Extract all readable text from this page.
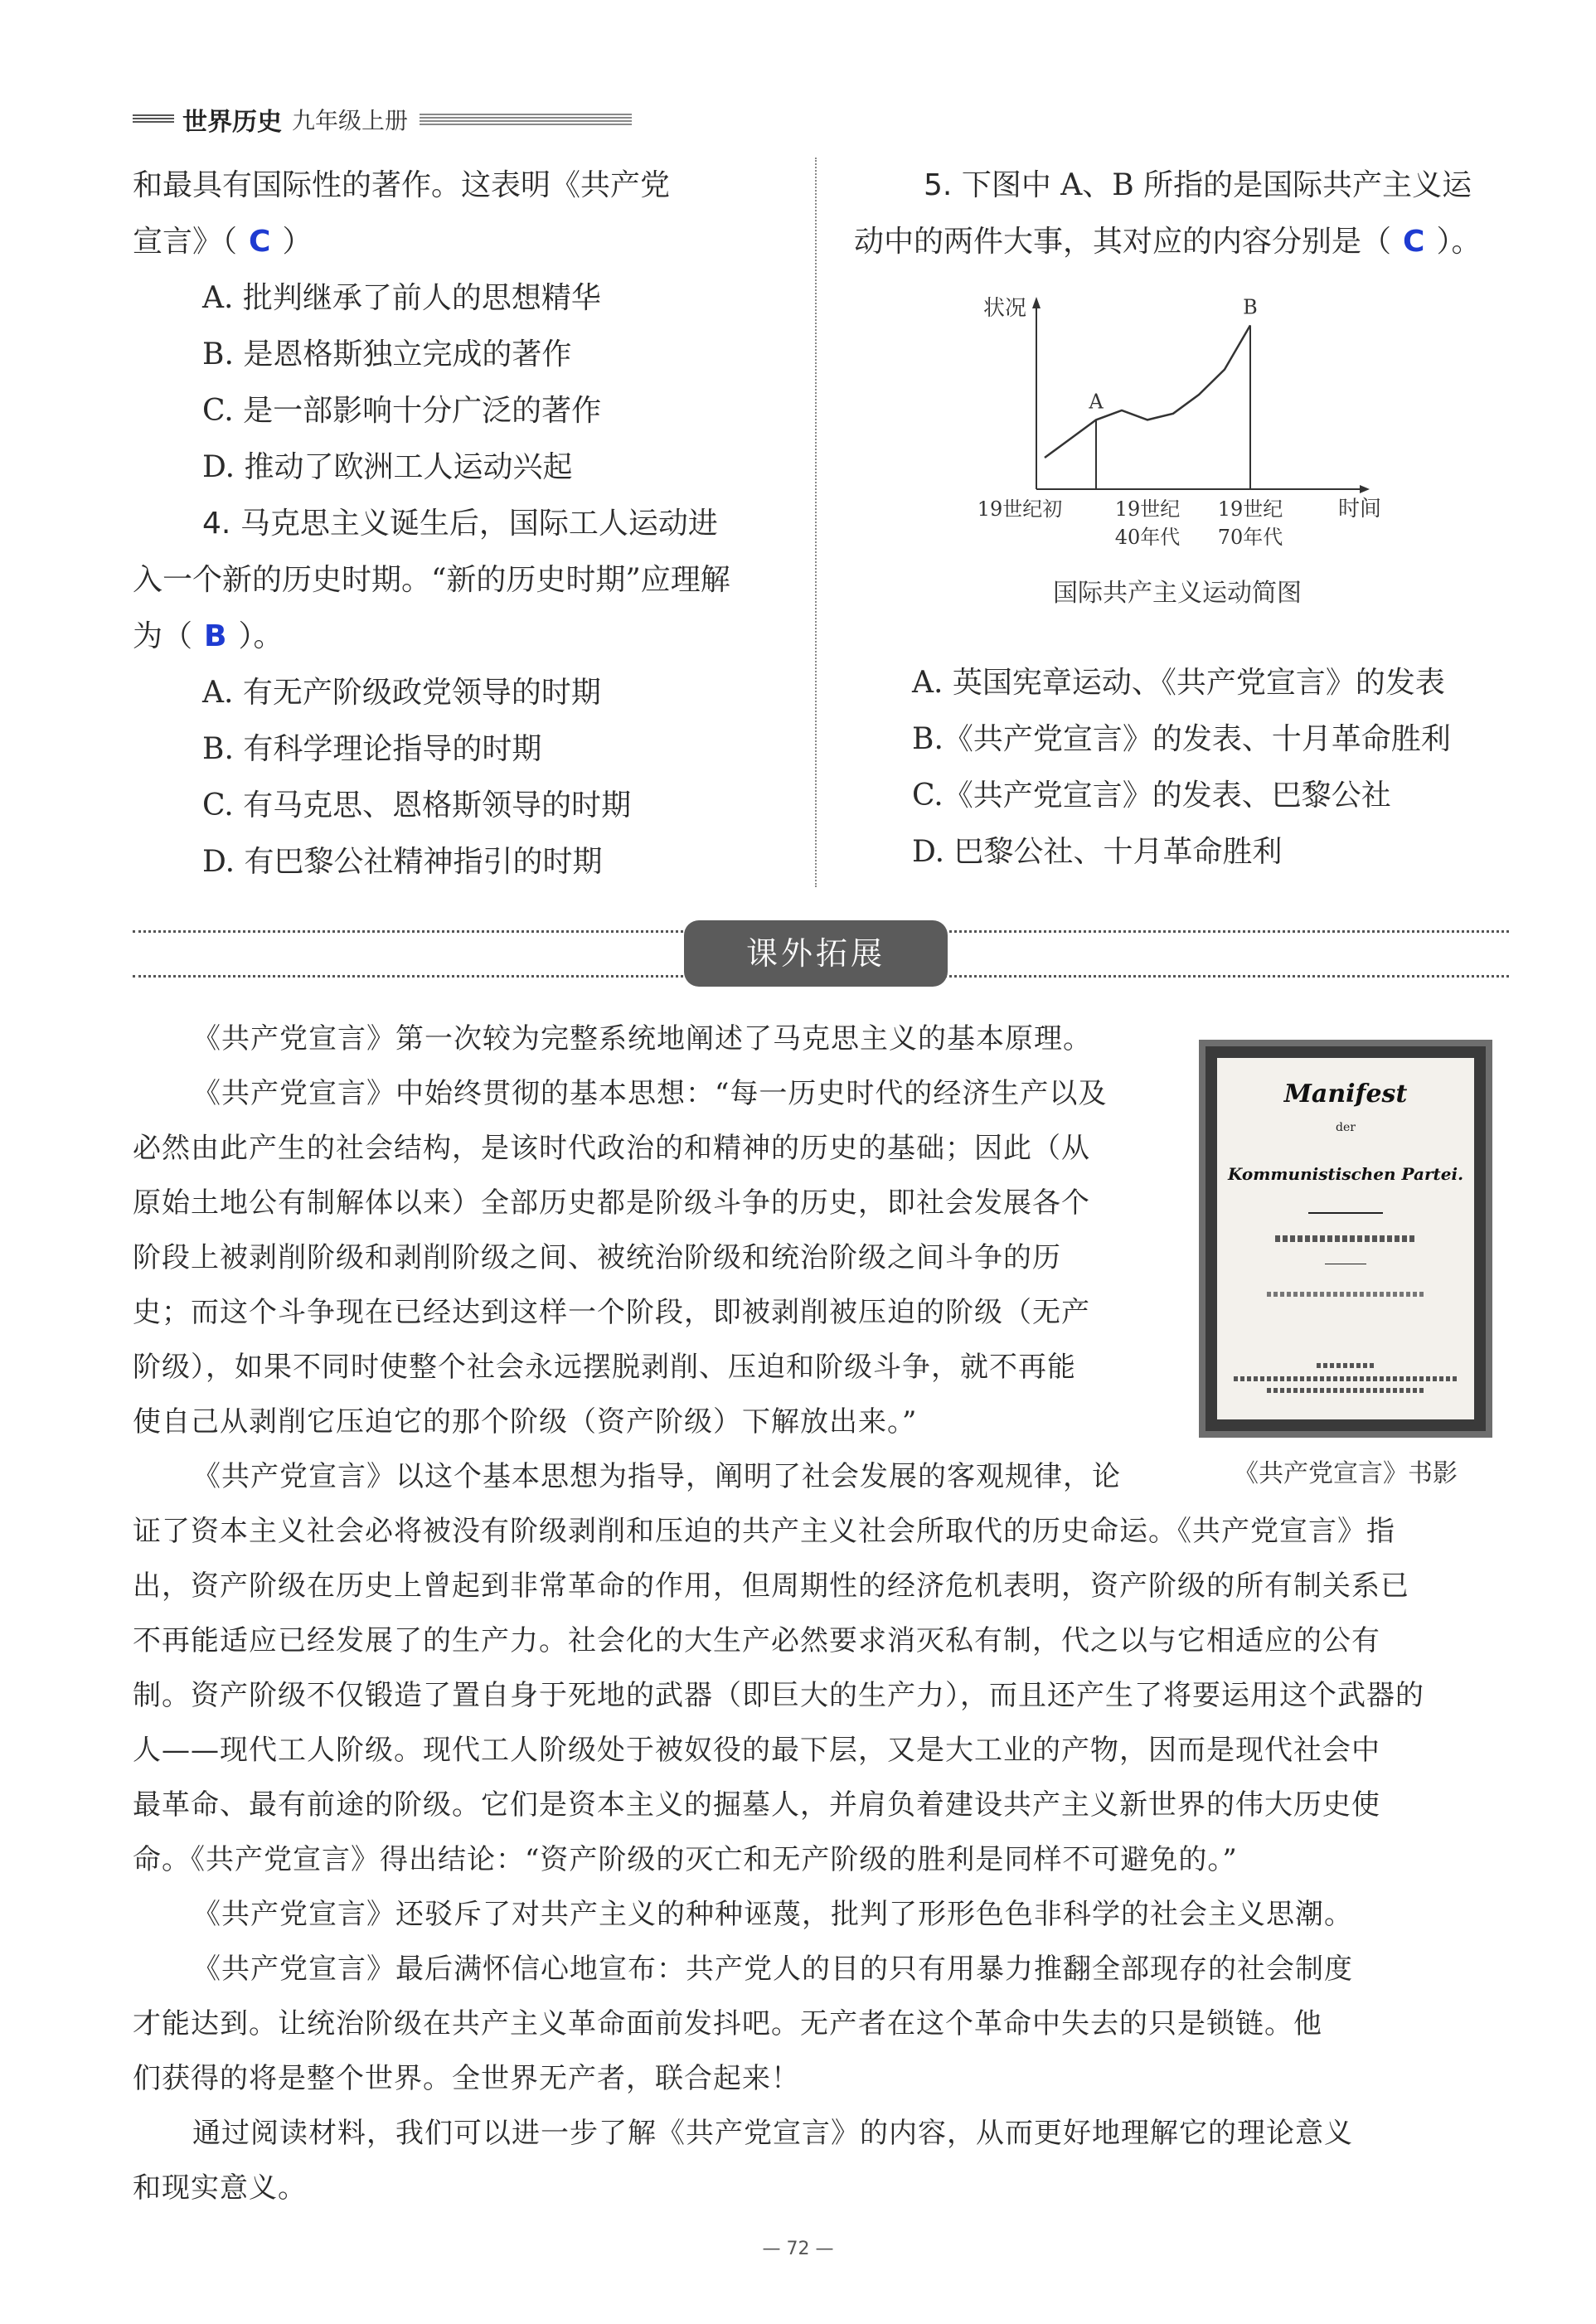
世界历史 九年级上册

和最具有国际性的著作。这表明《共产党

宣言》（ C ）

A. 批判继承了前人的思想精华

B. 是恩格斯独立完成的著作

C. 是一部影响十分广泛的著作

D. 推动了欧洲工人运动兴起

4. 马克思主义诞生后，国际工人运动进

入一个新的历史时期。“新的历史时期”应理解

为（ B ）。

A. 有无产阶级政党领导的时期

B. 有科学理论指导的时期

C. 有马克思、恩格斯领导的时期

D. 有巴黎公社精神指引的时期

5. 下图中 A、B 所指的是国际共产主义运

动中的两件大事，其对应的内容分别是（ C ）。

A. 英国宪章运动、《共产党宣言》的发表

B.《共产党宣言》的发表、十月革命胜利

C.《共产党宣言》的发表、巴黎公社

D. 巴黎公社、十月革命胜利

状况
时间
19世纪初	19世纪
40年代
19世纪
70年代
A
B
国际共产主义运动简图
课外拓展

《共产党宣言》第一次较为完整系统地阐述了马克思主义的基本原理。

《共产党宣言》中始终贯彻的基本思想：“每一历史时代的经济生产以及

必然由此产生的社会结构，是该时代政治的和精神的历史的基础；因此（从

原始土地公有制解体以来）全部历史都是阶级斗争的历史，即社会发展各个

阶段上被剥削阶级和剥削阶级之间、被统治阶级和统治阶级之间斗争的历

史；而这个斗争现在已经达到这样一个阶段，即被剥削被压迫的阶级（无产

阶级），如果不同时使整个社会永远摆脱剥削、压迫和阶级斗争，就不再能

使自己从剥削它压迫它的那个阶级（资产阶级）下解放出来。”

《共产党宣言》以这个基本思想为指导，阐明了社会发展的客观规律，论

证了资本主义社会必将被没有阶级剥削和压迫的共产主义社会所取代的历史命运。《共产党宣言》指

出，资产阶级在历史上曾起到非常革命的作用，但周期性的经济危机表明，资产阶级的所有制关系已

不再能适应已经发展了的生产力。社会化的大生产必然要求消灭私有制，代之以与它相适应的公有

制。资产阶级不仅锻造了置自身于死地的武器（即巨大的生产力），而且还产生了将要运用这个武器的

人——现代工人阶级。现代工人阶级处于被奴役的最下层，又是大工业的产物，因而是现代社会中

最革命、最有前途的阶级。它们是资本主义的掘墓人，并肩负着建设共产主义新世界的伟大历史使

命。《共产党宣言》得出结论：“资产阶级的灭亡和无产阶级的胜利是同样不可避免的。”

《共产党宣言》还驳斥了对共产主义的种种诬蔑，批判了形形色色非科学的社会主义思潮。

《共产党宣言》最后满怀信心地宣布：共产党人的目的只有用暴力推翻全部现存的社会制度

才能达到。让统治阶级在共产主义革命面前发抖吧。无产者在这个革命中失去的只是锁链。他

们获得的将是整个世界。全世界无产者，联合起来！

通过阅读材料，我们可以进一步了解《共产党宣言》的内容，从而更好地理解它的理论意义

和现实意义。

Manifest
der
Kommunistischen Partei.
《共产党宣言》书影
— 72 —
